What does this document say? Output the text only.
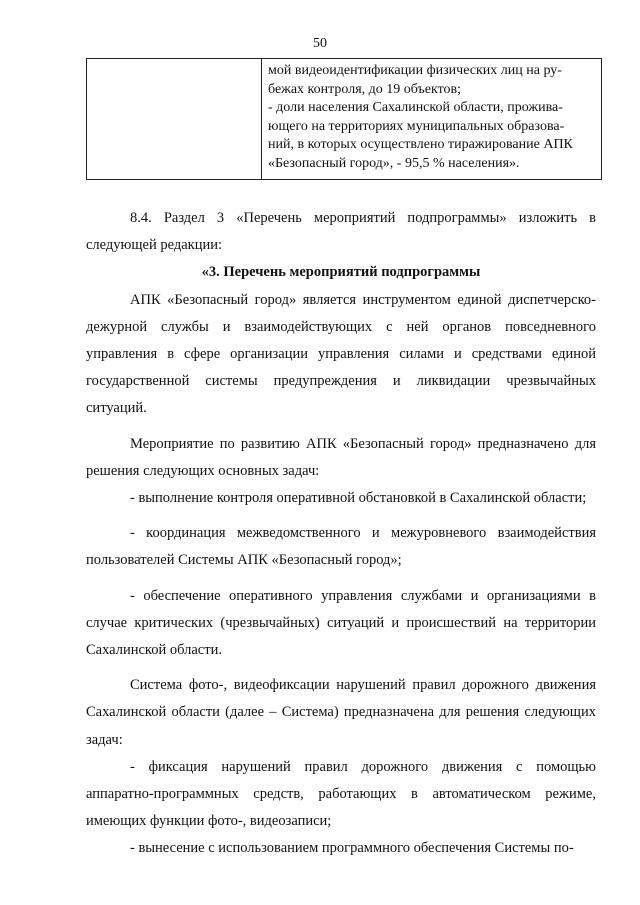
50

мой видеоидентификации физических лиц на ру-
бежах контроля, до 19 объектов;
- доли населения Сахалинской области, прожива-
ющего на территориях муниципальных образова-
ний, в которых осуществлено тиражирование АПК
«Безопасный город», - 95,5 % населения».

8.4. Раздел 3 «Перечень мероприятий подпрограммы» изложить в следующей редакции:

«3. Перечень мероприятий подпрограммы

АПК «Безопасный город» является инструментом единой диспетчерско-дежурной службы и взаимодействующих с ней органов повседневного управления в сфере организации управления силами и средствами единой государственной системы предупреждения и ликвидации чрезвычайных ситуаций.

Мероприятие по развитию АПК «Безопасный город» предназначено для решения следующих основных задач:

- выполнение контроля оперативной обстановкой в Сахалинской области;

- координация межведомственного и межуровневого взаимодействия пользователей Системы АПК «Безопасный город»;

- обеспечение оперативного управления службами и организациями в случае критических (чрезвычайных) ситуаций и происшествий на территории Сахалинской области.

Система фото-, видеофиксации нарушений правил дорожного движения Сахалинской области (далее – Система) предназначена для решения следующих задач:

- фиксация нарушений правил дорожного движения с помощью аппаратно-программных средств, работающих в автоматическом режиме, имеющих функции фото-, видеозаписи;

- вынесение с использованием программного обеспечения Системы по-
